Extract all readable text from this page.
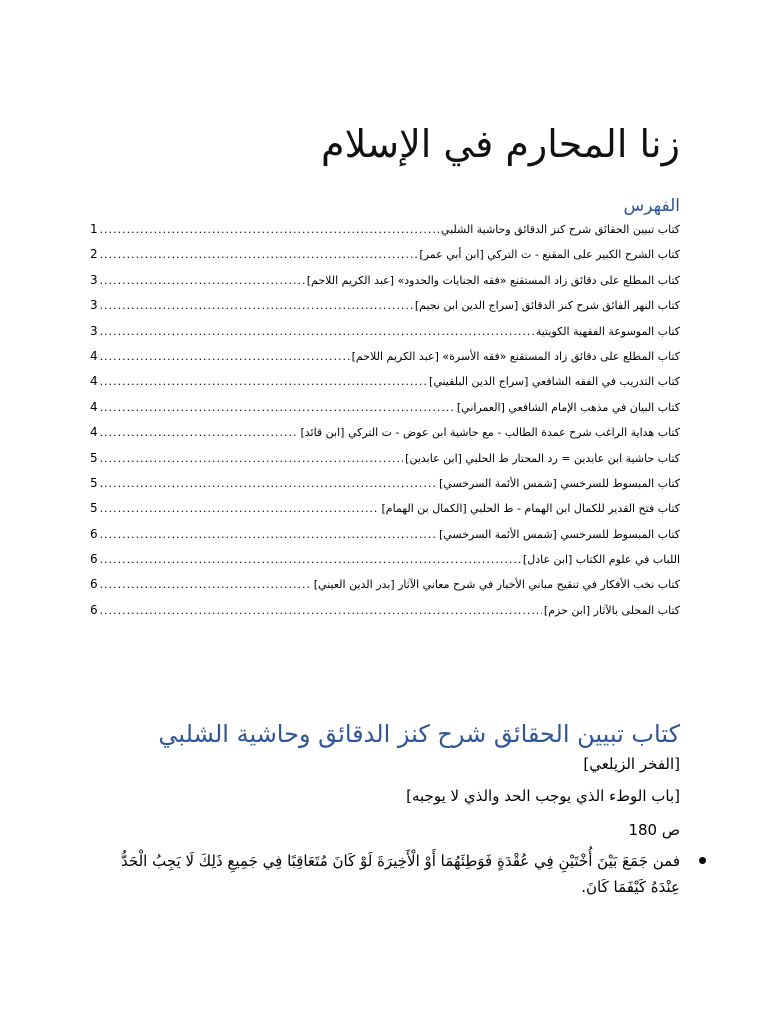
زنا المحارم في الإسلام
الفهرس
كتاب تبيين الحقائق شرح كنز الدقائق وحاشية الشلبي
.....
1
كتاب الشرح الكبير على المقنع - ت التركي [ابن أبي عمر]
.....
2
كتاب المطلع على دقائق زاد المستقنع «فقه الجنايات والحدود» [عبد الكريم اللاحم]
.....
3
كتاب النهر الفائق شرح كنز الدقائق [سراج الدين ابن نجيم]
.....
3
كتاب الموسوعة الفقهية الكويتية
.....
3
كتاب المطلع على دقائق زاد المستقنع «فقه الأسرة» [عبد الكريم اللاحم]
.....
4
كتاب التدريب في الفقه الشافعي [سراج الدين البلقيني]
.....
4
كتاب البيان في مذهب الإمام الشافعي [العمراني]
.....
4
كتاب هداية الراغب شرح عمدة الطالب - مع حاشية ابن عوض - ت التركي [ابن قائد]
.....
4
كتاب حاشية ابن عابدين = رد المحتار ط الحلبي [ابن عابدين]
.....
5
كتاب المبسوط للسرخسي [شمس الأئمة السرخسي]
.....
5
كتاب فتح القدير للكمال ابن الهمام - ط الحلبي [الكمال بن الهمام]
.....
5
كتاب المبسوط للسرخسي [شمس الأئمة السرخسي]
.....
6
اللباب في علوم الكتاب [ابن عادل]
.....
6
كتاب نخب الأفكار في تنقيح مباني الأخبار في شرح معاني الآثار [بدر الدين العيني]
.....
6
كتاب المحلى بالآثار [ابن حزم]
.....
6
كتاب تبيين الحقائق شرح كنز الدقائق وحاشية الشلبي
[الفخر الزيلعي]
[باب الوطء الذي يوجب الحد والذي لا يوجبه]
ص 180
فمن جَمَعَ بَيْنَ أُخْتَيْنِ فِي عُقْدَةٍ فَوَطِئَهُمَا أَوْ الْأَخِيرَةَ لَوْ كَانَ مُتَعَاقِبًا فِي جَمِيعِ ذَلِكَ لَا يَجِبُ الْحَدُّ عِنْدَهُ كَيْفَمَا كَانَ.
